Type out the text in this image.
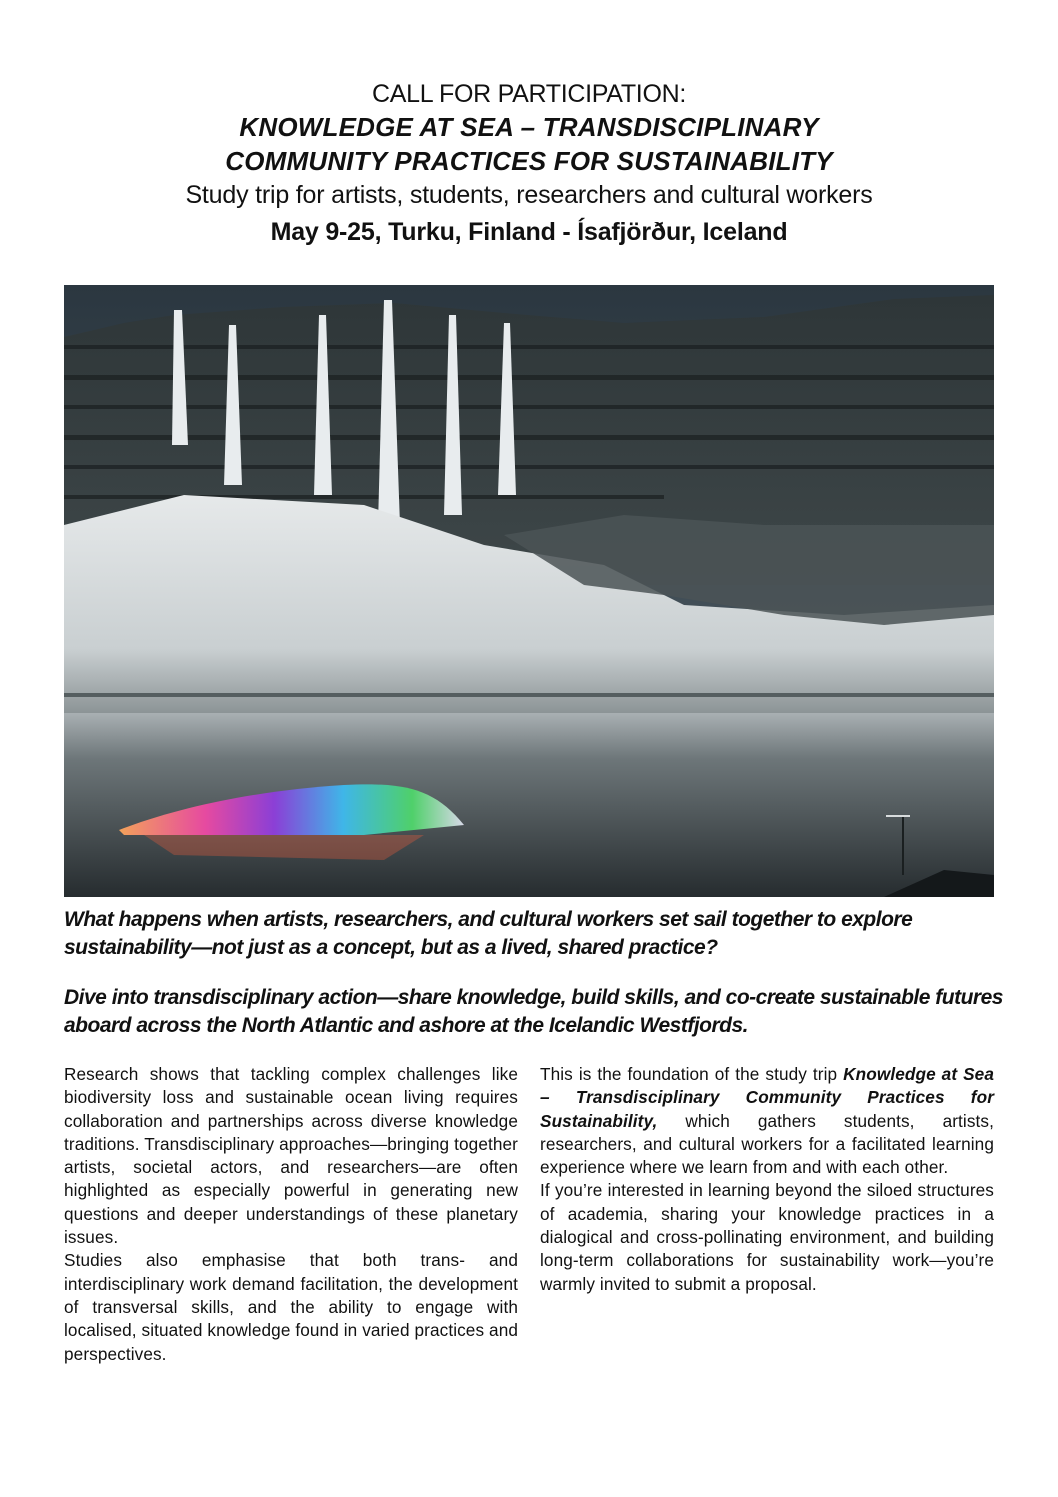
CALL FOR PARTICIPATION:
KNOWLEDGE AT SEA – TRANSDISCIPLINARY
COMMUNITY PRACTICES FOR SUSTAINABILITY
Study trip for artists, students, researchers and cultural workers
May 9-25, Turku, Finland - Ísafjörður, Iceland
What happens when artists, researchers, and cultural workers set sail together to explore sustainability—not just as a concept, but as a lived, shared practice?
Dive into transdisciplinary action—share knowledge, build skills, and co-create sustainable futures aboard across the North Atlantic and ashore at the Icelandic Westfjords.

Research shows that tackling complex challenges like biodiversity loss and sustainable ocean living requires collaboration and partnerships across diverse knowledge traditions. Transdisciplinary approaches—bringing together artists, societal actors, and researchers—are often highlighted as especially powerful in generating new questions and deeper understandings of these planetary issues.

Studies also emphasise that both trans- and interdisciplinary work demand facilitation, the development of transversal skills, and the ability to engage with localised, situated knowledge found in varied practices and perspectives.

This is the foundation of the study trip Knowledge at Sea – Transdisciplinary Community Practices for Sustainability, which gathers students, artists, researchers, and cultural workers for a facilitated learning experience where we learn from and with each other.

If you’re interested in learning beyond the siloed structures of academia, sharing your knowledge practices in a dialogical and cross-pollinating environment, and building long-term collaborations for sustainability work—you’re warmly invited to submit a proposal.
